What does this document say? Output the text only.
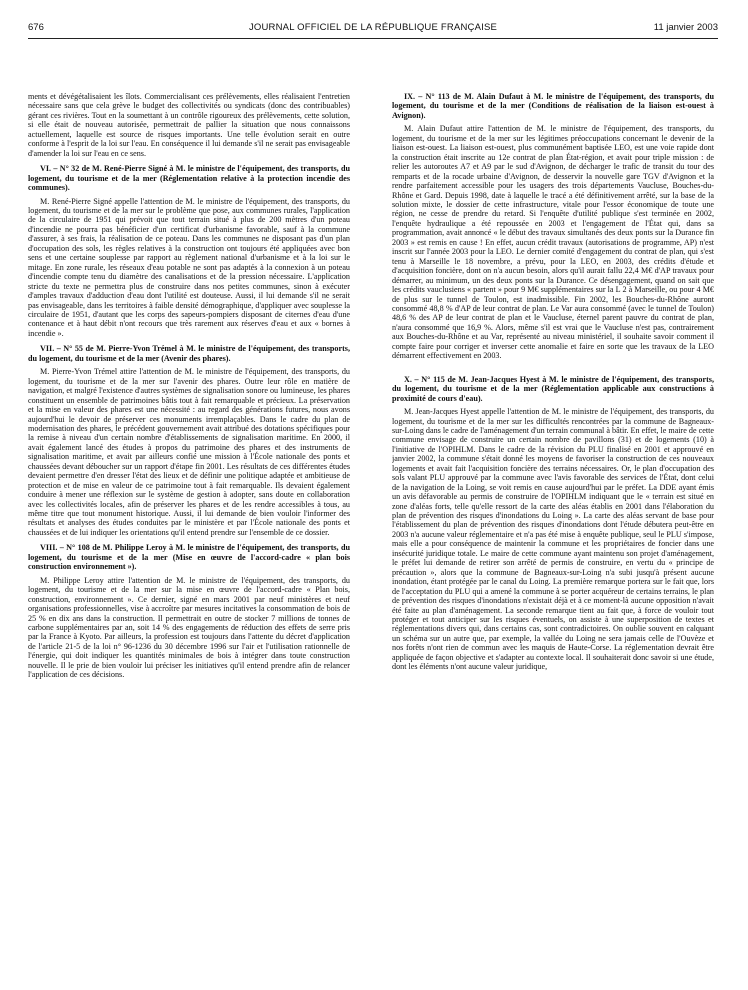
676	JOURNAL OFFICIEL DE LA RÉPUBLIQUE FRANÇAISE	11 janvier 2003

ments et dévégétalisaient les îlots. Commercialisant ces prélèvements, elles réalisaient l'entretien nécessaire sans que cela grève le budget des collectivités ou syndicats (donc des contribuables) gérant ces rivières. Tout en la soumettant à un contrôle rigoureux des prélèvements, cette solution, si elle était de nouveau autorisée, permettrait de pallier la situation que nous connaissons actuellement, laquelle est source de risques importants. Une telle évolution serait en outre conforme à l'esprit de la loi sur l'eau. En conséquence il lui demande s'il ne serait pas envisageable d'amender la loi sur l'eau en ce sens.

VI. – N° 32 de M. René-Pierre Signé à M. le ministre de l'équipement, des transports, du logement, du tourisme et de la mer (Réglementation relative à la protection incendie des communes).

M. René-Pierre Signé appelle l'attention de M. le ministre de l'équipement, des transports, du logement, du tourisme et de la mer sur le problème que pose, aux communes rurales, l'application de la circulaire de 1951 qui prévoit que tout terrain situé à plus de 200 mètres d'un poteau d'incendie ne pourra pas bénéficier d'un certificat d'urbanisme favorable, sauf à la commune d'assurer, à ses frais, la réalisation de ce poteau. Dans les communes ne disposant pas d'un plan d'occupation des sols, les règles relatives à la construction ont toujours été appliquées avec bon sens et une certaine souplesse par rapport au règlement national d'urbanisme et à la loi sur le mitage. En zone rurale, les réseaux d'eau potable ne sont pas adaptés à la connexion à un poteau d'incendie compte tenu du diamètre des canalisations et de la pression nécessaire. L'application stricte du texte ne permettra plus de construire dans nos petites communes, sinon à exécuter d'amples travaux d'adduction d'eau dont l'utilité est douteuse. Aussi, il lui demande s'il ne serait pas envisageable, dans les territoires à faible densité démographique, d'appliquer avec souplesse la circulaire de 1951, d'autant que les corps des sapeurs-pompiers disposant de citernes d'eau d'une contenance et à haut débit n'ont recours que très rarement aux réserves d'eau et aux « bornes à incendie ».

VII. – N° 55 de M. Pierre-Yvon Trémel à M. le ministre de l'équipement, des transports, du logement, du tourisme et de la mer (Avenir des phares).

M. Pierre-Yvon Trémel attire l'attention de M. le ministre de l'équipement, des transports, du logement, du tourisme et de la mer sur l'avenir des phares. Outre leur rôle en matière de navigation, et malgré l'existence d'autres systèmes de signalisation sonore ou lumineuse, les phares constituent un ensemble de patrimoines bâtis tout à fait remarquable et précieux. La préservation et la mise en valeur des phares est une nécessité : au regard des générations futures, nous avons aujourd'hui le devoir de préserver ces monuments irremplaçables. Dans le cadre du plan de modernisation des phares, le précédent gouvernement avait attribué des dotations spécifiques pour la remise à niveau d'un certain nombre d'établissements de signalisation maritime. En 2000, il avait également lancé des études à propos du patrimoine des phares et des instruments de signalisation maritime, et avait par ailleurs confié une mission à l'École nationale des ponts et chaussées devant déboucher sur un rapport d'étape fin 2001. Les résultats de ces différentes études devaient permettre d'en dresser l'état des lieux et de définir une politique adaptée et ambitieuse de protection et de mise en valeur de ce patrimoine tout à fait remarquable. Ils devaient également conduire à mener une réflexion sur le système de gestion à adopter, sans doute en collaboration avec les collectivités locales, afin de préserver les phares et de les rendre accessibles à tous, au même titre que tout monument historique. Aussi, il lui demande de bien vouloir l'informer des résultats et analyses des études conduites par le ministère et par l'École nationale des ponts et chaussées et de lui indiquer les orientations qu'il entend prendre sur l'ensemble de ce dossier.

VIII. – N° 108 de M. Philippe Leroy à M. le ministre de l'équipement, des transports, du logement, du tourisme et de la mer (Mise en œuvre de l'accord-cadre « plan bois construction environnement »).

M. Philippe Leroy attire l'attention de M. le ministre de l'équipement, des transports, du logement, du tourisme et de la mer sur la mise en œuvre de l'accord-cadre « Plan bois, construction, environnement ». Ce dernier, signé en mars 2001 par neuf ministères et neuf organisations professionnelles, vise à accroître par mesures incitatives la consommation de bois de 25 % en dix ans dans la construction. Il permettrait en outre de stocker 7 millions de tonnes de carbone supplémentaires par an, soit 14 % des engagements de réduction des effets de serre pris par la France à Kyoto. Par ailleurs, la profession est toujours dans l'attente du décret d'application de l'article 21-5 de la loi n° 96-1236 du 30 décembre 1996 sur l'air et l'utilisation rationnelle de l'énergie, qui doit indiquer les quantités minimales de bois à intégrer dans toute construction nouvelle. Il le prie de bien vouloir lui préciser les initiatives qu'il entend prendre afin de relancer l'application de ces décisions.

IX. – N° 113 de M. Alain Dufaut à M. le ministre de l'équipement, des transports, du logement, du tourisme et de la mer (Conditions de réalisation de la liaison est-ouest à Avignon).

M. Alain Dufaut attire l'attention de M. le ministre de l'équipement, des transports, du logement, du tourisme et de la mer sur les légitimes préoccupations concernant le devenir de la liaison est-ouest. La liaison est-ouest, plus communément baptisée LEO, est une voie rapide dont la construction était inscrite au 12e contrat de plan État-région, et avait pour triple mission : de relier les autoroutes A7 et A9 par le sud d'Avignon, de décharger le trafic de transit du tour des remparts et de la rocade urbaine d'Avignon, de desservir la nouvelle gare TGV d'Avignon et la rendre parfaitement accessible pour les usagers des trois départements Vaucluse, Bouches-du-Rhône et Gard. Depuis 1998, date à laquelle le tracé a été définitivement arrêté, sur la base de la solution mixte, le dossier de cette infrastructure, vitale pour l'essor économique de toute une région, ne cesse de prendre du retard. Si l'enquête d'utilité publique s'est terminée en 2002, l'enquête hydraulique a été repoussée en 2003 et l'engagement de l'État qui, dans sa programmation, avait annoncé « le début des travaux simultanés des deux ponts sur la Durance fin 2003 » est remis en cause ! En effet, aucun crédit travaux (autorisations de programme, AP) n'est inscrit sur l'année 2003 pour la LEO. Le dernier comité d'engagement du contrat de plan, qui s'est tenu à Marseille le 18 novembre, a prévu, pour la LEO, en 2003, des crédits d'étude et d'acquisition foncière, dont on n'a aucun besoin, alors qu'il aurait fallu 22,4 M€ d'AP travaux pour démarrer, au minimum, un des deux ponts sur la Durance. Ce désengagement, quand on sait que les crédits vauclusiens « partent » pour 9 M€ supplémentaires sur la L 2 à Marseille, ou pour 4 M€ de plus sur le tunnel de Toulon, est inadmissible. Fin 2002, les Bouches-du-Rhône auront consommé 48,8 % d'AP de leur contrat de plan. Le Var aura consommé (avec le tunnel de Toulon) 48,6 % des AP de leur contrat de plan et le Vaucluse, éternel parent pauvre du contrat de plan, n'aura consommé que 16,9 %. Alors, même s'il est vrai que le Vaucluse n'est pas, contrairement aux Bouches-du-Rhône et au Var, représenté au niveau ministériel, il souhaite savoir comment il compte faire pour corriger et inverser cette anomalie et faire en sorte que les travaux de la LEO démarrent effectivement en 2003.

X. – N° 115 de M. Jean-Jacques Hyest à M. le ministre de l'équipement, des transports, du logement, du tourisme et de la mer (Réglementation applicable aux constructions à proximité de cours d'eau).

M. Jean-Jacques Hyest appelle l'attention de M. le ministre de l'équipement, des transports, du logement, du tourisme et de la mer sur les difficultés rencontrées par la commune de Bagneaux-sur-Loing dans le cadre de l'aménagement d'un terrain communal à bâtir. En effet, le maire de cette commune envisage de construire un certain nombre de pavillons (31) et de logements (10) à l'initiative de l'OPIHLM. Dans le cadre de la révision du PLU finalisé en 2001 et approuvé en janvier 2002, la commune s'était donné les moyens de favoriser la construction de ces nouveaux logements et avait fait l'acquisition foncière des terrains nécessaires. Or, le plan d'occupation des sols valant PLU approuvé par la commune avec l'avis favorable des services de l'État, dont celui de la navigation de la Loing, se voit remis en cause aujourd'hui par le préfet. La DDE ayant émis un avis défavorable au permis de construire de l'OPIHLM indiquant que le « terrain est situé en zone d'aléas forts, telle qu'elle ressort de la carte des aléas établis en 2001 dans l'élaboration du plan de prévention des risques d'inondations du Loing ». La carte des aléas servant de base pour l'établissement du plan de prévention des risques d'inondations dont l'étude débutera peut-être en 2003 n'a aucune valeur réglementaire et n'a pas été mise à enquête publique, seul le PLU s'impose, mais elle a pour conséquence de maintenir la commune et les propriétaires de foncier dans une insécurité juridique totale. Le maire de cette commune ayant maintenu son projet d'aménagement, le préfet lui demande de retirer son arrêté de permis de construire, en vertu du « principe de précaution », alors que la commune de Bagneaux-sur-Loing n'a subi jusqu'à présent aucune inondation, étant protégée par le canal du Loing. La première remarque portera sur le fait que, lors de l'acceptation du PLU qui a amené la commune à se porter acquéreur de certains terrains, le plan de prévention des risques d'inondations n'existait déjà et à ce moment-là aucune opposition n'avait été faite au plan d'aménagement. La seconde remarque tient au fait que, à force de vouloir tout protéger et tout anticiper sur les risques éventuels, on assiste à une superposition de textes et réglementations divers qui, dans certains cas, sont contradictoires. On oublie souvent en calquant un schéma sur un autre que, par exemple, la vallée du Loing ne sera jamais celle de l'Ouvèze et nos forêts n'ont rien de commun avec les maquis de Haute-Corse. La réglementation devrait être appliquée de façon objective et s'adapter au contexte local. Il souhaiterait donc savoir si une étude, dont les éléments n'ont aucune valeur juridique,
